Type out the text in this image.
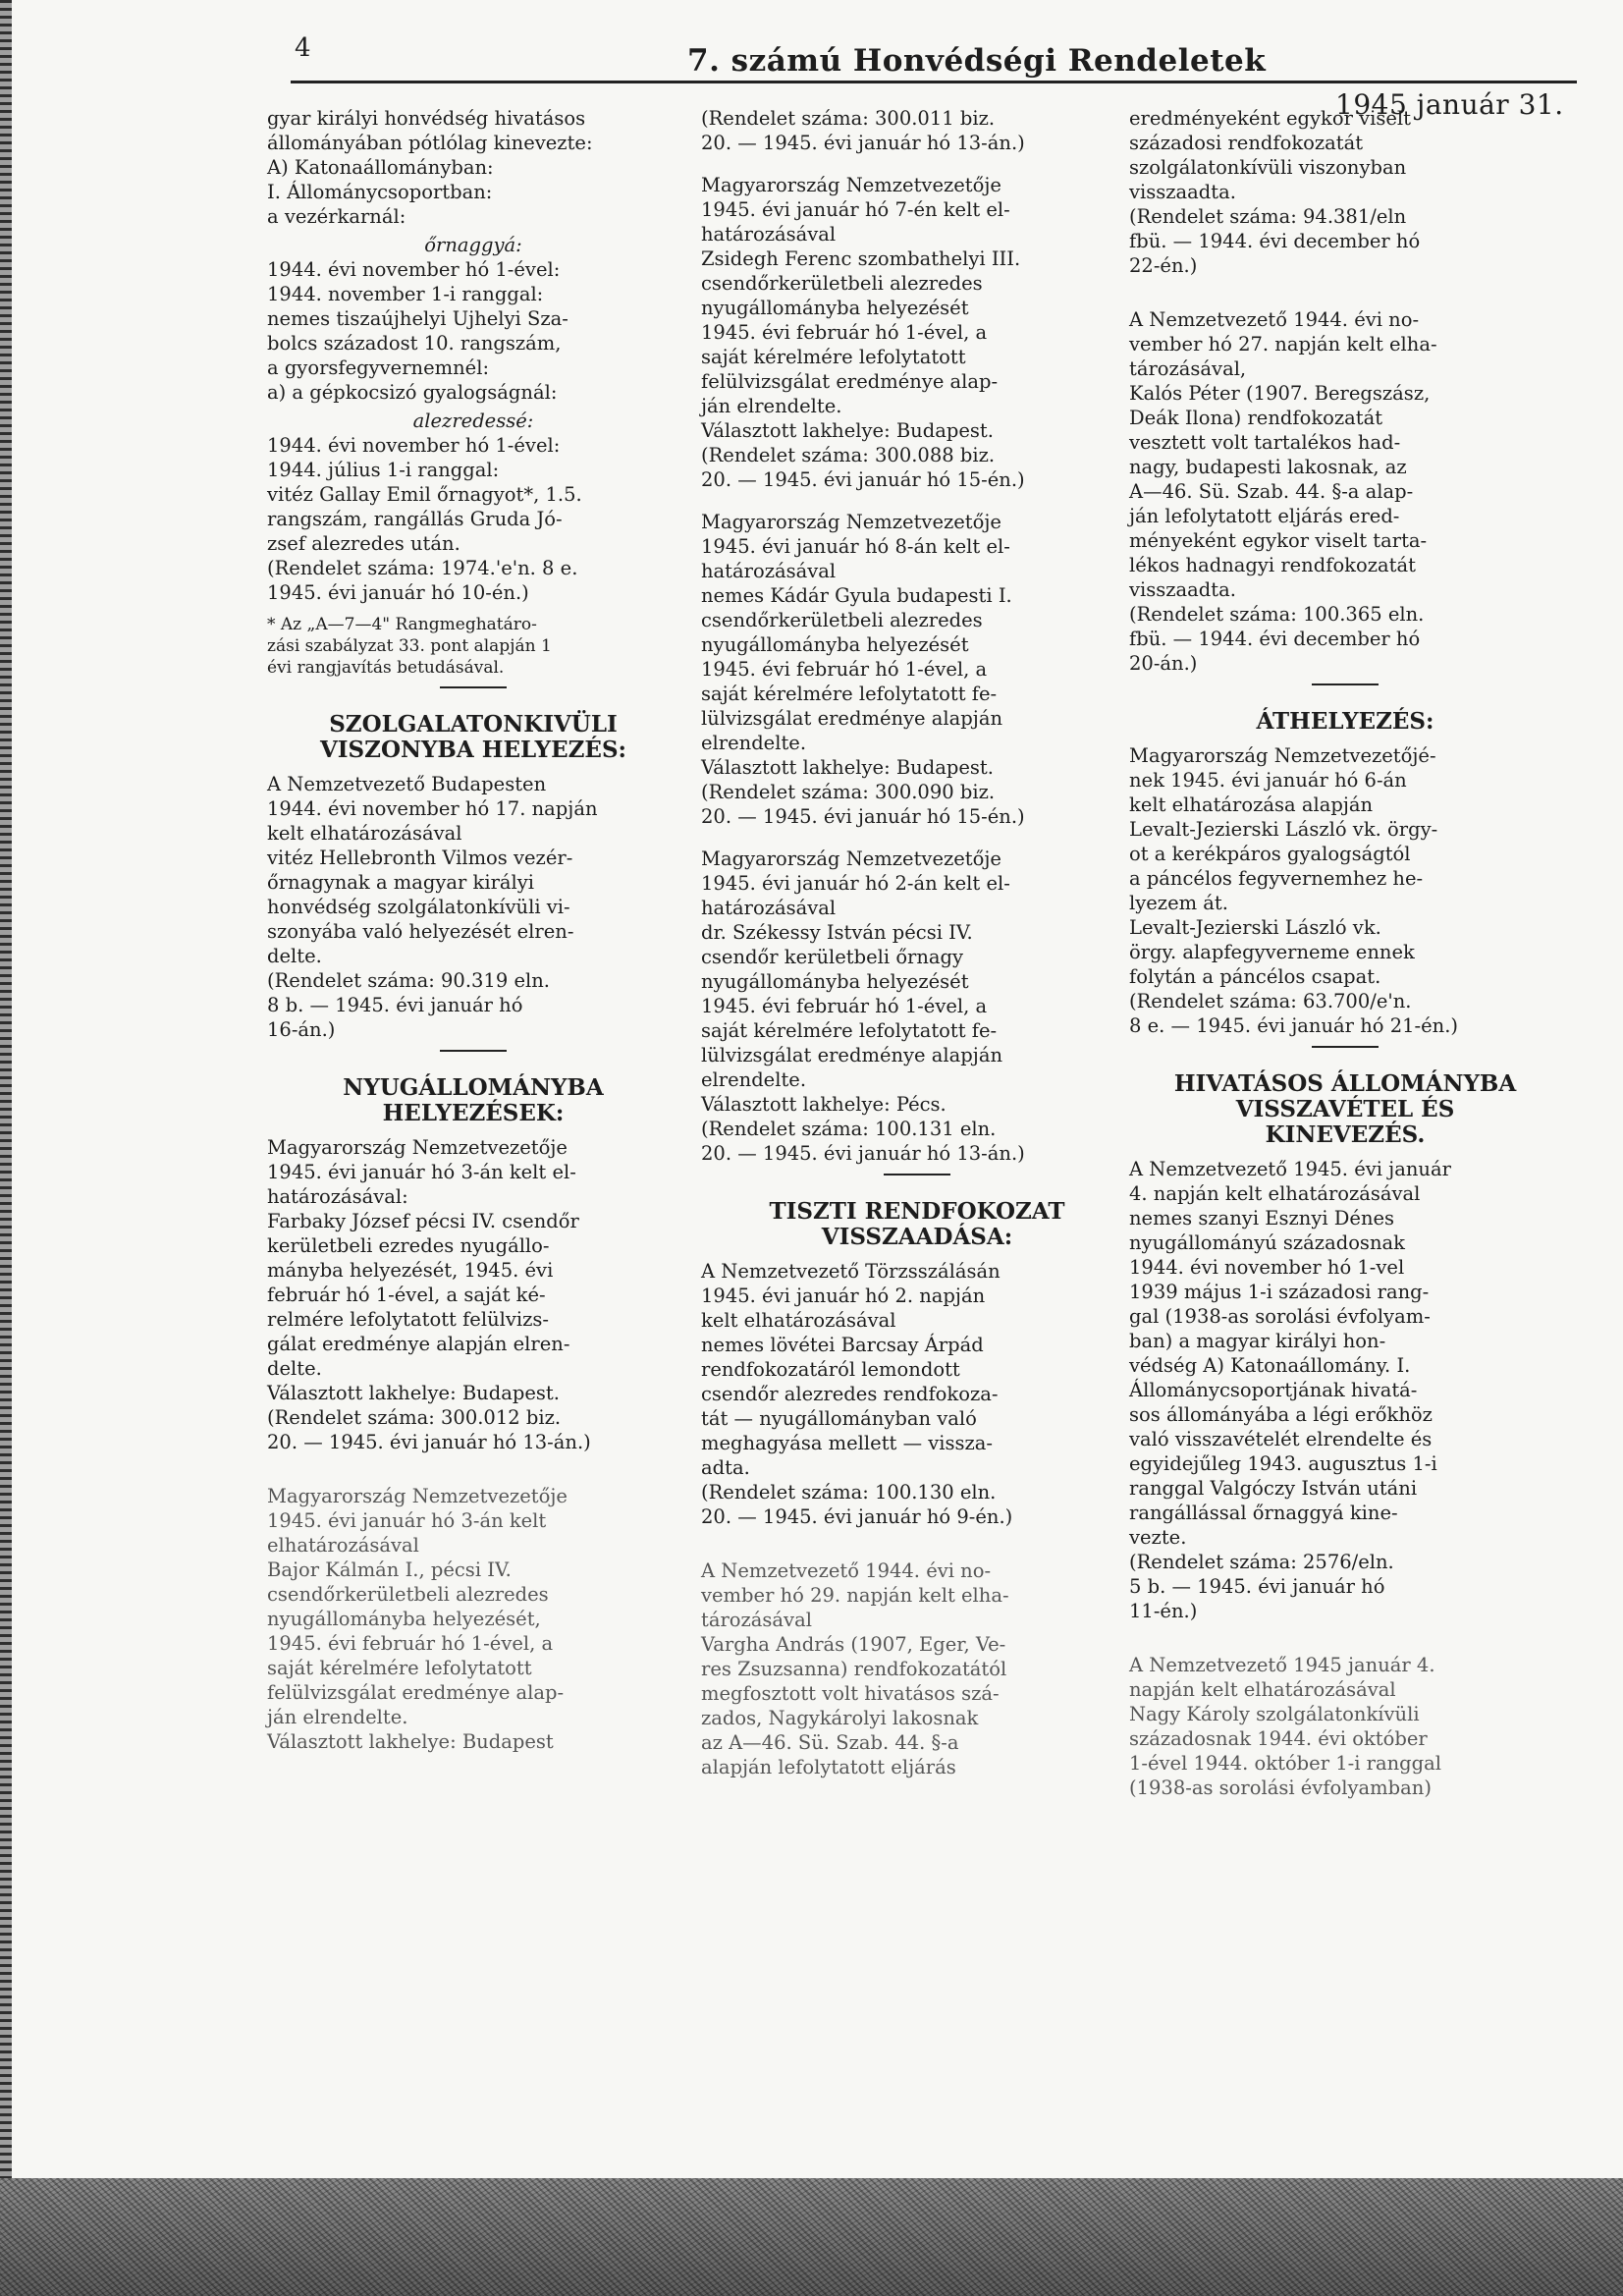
4	7. számú Honvédségi Rendeletek
1945 január 31.

gyar királyi honvédség hivatásos
állományában pótlólag kinevezte:

A) Katonaállományban:
I. Állománycsoportban:
a vezérkarnál:

őrnaggyá:

1944. évi november hó 1-ével:
1944. november 1-i ranggal:
nemes tiszaújhelyi Ujhelyi Sza-
bolcs századost 10. rangszám,
a gyorsfegyvernemnél:
a) a gépkocsizó gyalogságnál:

alezredessé:

1944. évi november hó 1-ével:
1944. július 1-i ranggal:
vitéz Gallay Emil őrnagyot*, 1.5.
rangszám, rangállás Gruda Jó-
zsef alezredes után.
(Rendelet száma: 1974.'e'n. 8 e.
1945. évi január hó 10-én.)

* Az „A—7—4" Rangmeghatáro-
zási szabályzat 33. pont alapján 1
évi rangjavítás betudásával.

SZOLGALATONKIVÜLI
VISZONYBA HELYEZÉS:

A Nemzetvezető Budapesten
1944. évi november hó 17. napján
kelt elhatározásával
vitéz Hellebronth Vilmos vezér-
őrnagynak a magyar királyi
honvédség szolgálatonkívüli vi-
szonyába való helyezését elren-
delte.
(Rendelet száma: 90.319 eln.
8 b. — 1945. évi január hó
16-án.)

NYUGÁLLOMÁNYBA
HELYEZÉSEK:

Magyarország Nemzetvezetője
1945. évi január hó 3-án kelt el-
határozásával:
Farbaky József pécsi IV. csendőr
kerületbeli ezredes nyugállo-
mányba helyezését, 1945. évi
február hó 1-ével, a saját ké-
relmére lefolytatott felülvizs-
gálat eredménye alapján elren-
delte.
Választott lakhelye: Budapest.
(Rendelet száma: 300.012 biz.
20. — 1945. évi január hó 13-án.)

Magyarország Nemzetvezetője
1945. évi január hó 3-án kelt
elhatározásával
Bajor Kálmán I., pécsi IV.
csendőrkerületbeli alezredes
nyugállományba helyezését,
1945. évi február hó 1-ével, a
saját kérelmére lefolytatott
felülvizsgálat eredménye alap-
ján elrendelte.
Választott lakhelye: Budapest

(Rendelet száma: 300.011 biz.
20. — 1945. évi január hó 13-án.)

Magyarország Nemzetvezetője
1945. évi január hó 7-én kelt el-
határozásával
Zsidegh Ferenc szombathelyi III.
csendőrkerületbeli alezredes
nyugállományba helyezését
1945. évi február hó 1-ével, a
saját kérelmére lefolytatott
felülvizsgálat eredménye alap-
ján elrendelte.
Választott lakhelye: Budapest.
(Rendelet száma: 300.088 biz.
20. — 1945. évi január hó 15-én.)

Magyarország Nemzetvezetője
1945. évi január hó 8-án kelt el-
határozásával
nemes Kádár Gyula budapesti I.
csendőrkerületbeli alezredes
nyugállományba helyezését
1945. évi február hó 1-ével, a
saját kérelmére lefolytatott fe-
lülvizsgálat eredménye alapján
elrendelte.
Választott lakhelye: Budapest.
(Rendelet száma: 300.090 biz.
20. — 1945. évi január hó 15-én.)

Magyarország Nemzetvezetője
1945. évi január hó 2-án kelt el-
határozásával
dr. Székessy István pécsi IV.
csendőr kerületbeli őrnagy
nyugállományba helyezését
1945. évi február hó 1-ével, a
saját kérelmére lefolytatott fe-
lülvizsgálat eredménye alapján
elrendelte.
Választott lakhelye: Pécs.
(Rendelet száma: 100.131 eln.
20. — 1945. évi január hó 13-án.)

TISZTI RENDFOKOZAT
VISSZAADÁSA:

A Nemzetvezető Törzsszálásán
1945. évi január hó 2. napján
kelt elhatározásával
nemes lövétei Barcsay Árpád
rendfokozatáról lemondott
csendőr alezredes rendfokoza-
tát — nyugállományban való
meghagyása mellett — vissza-
adta.
(Rendelet száma: 100.130 eln.
20. — 1945. évi január hó 9-én.)

A Nemzetvezető 1944. évi no-
vember hó 29. napján kelt elha-
tározásával
Vargha András (1907, Eger, Ve-
res Zsuzsanna) rendfokozatától
megfosztott volt hivatásos szá-
zados, Nagykárolyi lakosnak
az A—46. Sü. Szab. 44. §-a
alapján lefolytatott eljárás

eredményeként egykor viselt
századosi rendfokozatát
szolgálatonkívüli viszonyban
visszaadta.
(Rendelet száma: 94.381/eln
fbü. — 1944. évi december hó
22-én.)

A Nemzetvezető 1944. évi no-
vember hó 27. napján kelt elha-
tározásával,
Kalós Péter (1907. Beregszász,
Deák Ilona) rendfokozatát
vesztett volt tartalékos had-
nagy, budapesti lakosnak, az
A—46. Sü. Szab. 44. §-a alap-
ján lefolytatott eljárás ered-
ményeként egykor viselt tarta-
lékos hadnagyi rendfokozatát
visszaadta.
(Rendelet száma: 100.365 eln.
fbü. — 1944. évi december hó
20-án.)

ÁTHELYEZÉS:

Magyarország Nemzetvezetőjé-
nek 1945. évi január hó 6-án
kelt elhatározása alapján
Levalt-Jezierski László vk. örgy-
ot a kerékpáros gyalogságtól
a páncélos fegyvernemhez he-
lyezem át.
Levalt-Jezierski László vk.
örgy. alapfegyverneme ennek
folytán a páncélos csapat.
(Rendelet száma: 63.700/e'n.
8 e. — 1945. évi január hó 21-én.)

HIVATÁSOS ÁLLOMÁNYBA
VISSZAVÉTEL ÉS
KINEVEZÉS.

A Nemzetvezető 1945. évi január
4. napján kelt elhatározásával
nemes szanyi Esznyi Dénes
nyugállományú századosnak
1944. évi november hó 1-vel
1939 május 1-i századosi rang-
gal (1938-as sorolási évfolyam-
ban) a magyar királyi hon-
védség A) Katonaállomány. I.
Állománycsoportjának hivatá-
sos állományába a légi erőkhöz
való visszavételét elrendelte és
egyidejűleg 1943. augusztus 1-i
ranggal Valgóczy István utáni
rangállással őrnaggyá kine-
vezte.
(Rendelet száma: 2576/eln.
5 b. — 1945. évi január hó
11-én.)

A Nemzetvezető 1945 január 4.
napján kelt elhatározásával
Nagy Károly szolgálatonkívüli
századosnak 1944. évi október
1-ével 1944. október 1-i ranggal
(1938-as sorolási évfolyamban)
